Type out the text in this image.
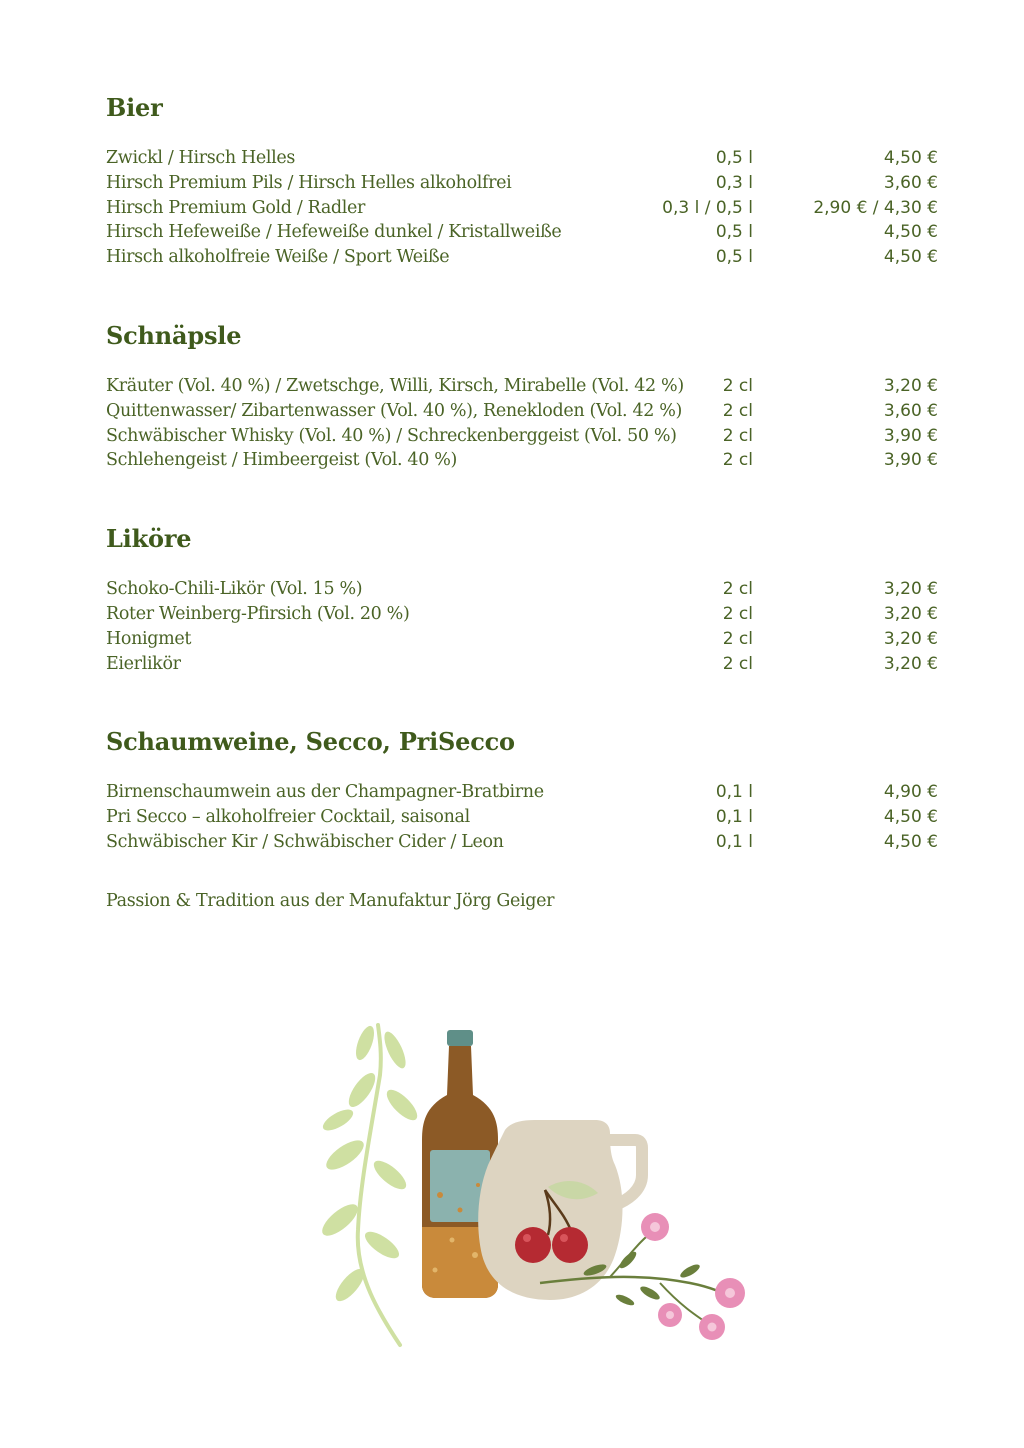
Bier
Zwickl / Hirsch Helles	0,5 l	4,50 €
Hirsch Premium Pils / Hirsch Helles alkoholfrei	0,3 l	3,60 €
Hirsch Premium Gold / Radler	0,3 l / 0,5 l	2,90 € / 4,30 €
Hirsch Hefeweiße / Hefeweiße dunkel / Kristallweiße	0,5 l	4,50 €
Hirsch alkoholfreie Weiße / Sport Weiße	0,5 l	4,50 €
Schnäpsle
Kräuter (Vol. 40 %) / Zwetschge, Willi, Kirsch, Mirabelle (Vol. 42 %) 2 cl	3,20 €
Quittenwasser/ Zibartenwasser (Vol. 40 %), Renekloden (Vol. 42 %) 2 cl	3,60 €
Schwäbischer Whisky (Vol. 40 %) / Schreckenberggeist (Vol. 50 %)	2 cl	3,90 €
Schlehengeist / Himbeergeist (Vol. 40 %)	2 cl	3,90 €
Liköre
Schoko-Chili-Likör (Vol. 15 %)	2 cl	3,20 €
Roter Weinberg-Pfirsich (Vol. 20 %)	2 cl	3,20 €
Honigmet	2 cl	3,20 €
Eierlikör	2 cl	3,20 €
Schaumweine, Secco, PriSecco
Birnenschaumwein aus der Champagner-Bratbirne	0,1 l	4,90 €
Pri Secco – alkoholfreier Cocktail, saisonal	0,1 l	4,50 €
Schwäbischer Kir / Schwäbischer Cider / Leon	0,1 l	4,50 €

Passion & Tradition aus der Manufaktur Jörg Geiger
